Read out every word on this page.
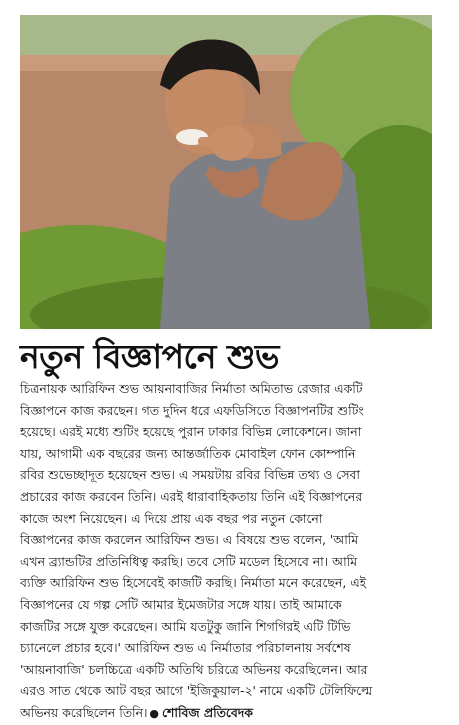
নতুন বিজ্ঞাপনে শুভ
চিত্রনায়ক আরিফিন শুভ আয়নাবাজির নির্মাতা অমিতাভ রেজার একটি
বিজ্ঞাপনে কাজ করছেন। গত দুদিন ধরে এফডিসিতে বিজ্ঞাপনটির শুটিং
হয়েছে। এরই মধ্যে শুটিং হয়েছে পুরান ঢাকার বিভিন্ন লোকেশনে। জানা
যায়, আগামী এক বছরের জন্য আন্তর্জাতিক মোবাইল ফোন কোম্পানি
রবির শুভেচ্ছাদূত হয়েছেন শুভ। এ সময়টায় রবির বিভিন্ন তথ্য ও সেবা
প্রচারের কাজ করবেন তিনি। এরই ধারাবাহিকতায় তিনি এই বিজ্ঞাপনের
কাজে অংশ নিয়েছেন। এ দিয়ে প্রায় এক বছর পর নতুন কোনো
বিজ্ঞাপনের কাজ করলেন আরিফিন শুভ। এ বিষয়ে শুভ বলেন, 'আমি
এখন ব্র্যান্ডটির প্রতিনিধিত্ব করছি। তবে সেটি মডেল হিসেবে না। আমি
ব্যক্তি আরিফিন শুভ হিসেবেই কাজটি করছি। নির্মাতা মনে করেছেন, এই
বিজ্ঞাপনের যে গল্প সেটি আমার ইমেজটার সঙ্গে যায়। তাই আমাকে
কাজটির সঙ্গে যুক্ত করেছেন। আমি যতটুকু জানি শিগগিরই এটি টিভি
চ্যানেলে প্রচার হবে।' আরিফিন শুভ এ নির্মাতার পরিচালনায় সর্বশেষ
'আয়নাবাজি' চলচ্চিত্রে একটি অতিথি চরিত্রে অভিনয় করেছিলেন। আর
এরও সাত থেকে আট বছর আগে 'ইজিকুয়াল-২' নামে একটি টেলিফিল্মে
অভিনয় করেছিলেন তিনি। ● শোবিজ প্রতিবেদক
